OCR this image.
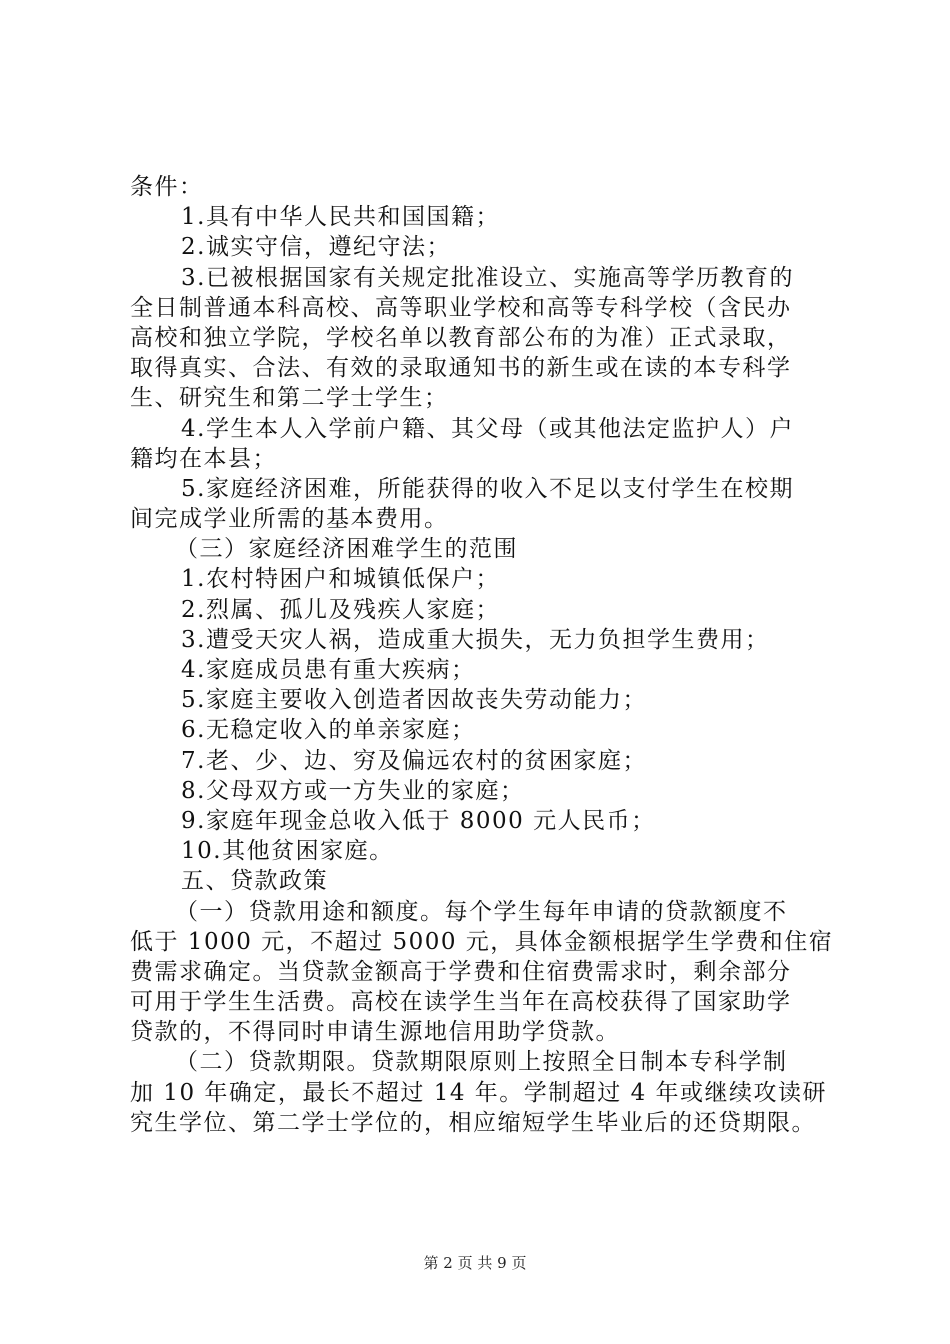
条件：
1.具有中华人民共和国国籍；
2.诚实守信，遵纪守法；
3.已被根据国家有关规定批准设立、实施高等学历教育的
全日制普通本科高校、高等职业学校和高等专科学校（含民办
高校和独立学院，学校名单以教育部公布的为准）正式录取，
取得真实、合法、有效的录取通知书的新生或在读的本专科学
生、研究生和第二学士学生；
4.学生本人入学前户籍、其父母（或其他法定监护人）户
籍均在本县；
5.家庭经济困难，所能获得的收入不足以支付学生在校期
间完成学业所需的基本费用。
（三）家庭经济困难学生的范围
1.农村特困户和城镇低保户；
2.烈属、孤儿及残疾人家庭；
3.遭受天灾人祸，造成重大损失，无力负担学生费用；
4.家庭成员患有重大疾病；
5.家庭主要收入创造者因故丧失劳动能力；
6.无稳定收入的单亲家庭；
7.老、少、边、穷及偏远农村的贫困家庭；
8.父母双方或一方失业的家庭；
9.家庭年现金总收入低于 8000 元人民币；
10.其他贫困家庭。
五、贷款政策
（一）贷款用途和额度。每个学生每年申请的贷款额度不
低于 1000 元，不超过 5000 元，具体金额根据学生学费和住宿
费需求确定。当贷款金额高于学费和住宿费需求时，剩余部分
可用于学生生活费。高校在读学生当年在高校获得了国家助学
贷款的，不得同时申请生源地信用助学贷款。
（二）贷款期限。贷款期限原则上按照全日制本专科学制
加 10 年确定，最长不超过 14 年。学制超过 4 年或继续攻读研
究生学位、第二学士学位的，相应缩短学生毕业后的还贷期限。
第 2 页 共 9 页
